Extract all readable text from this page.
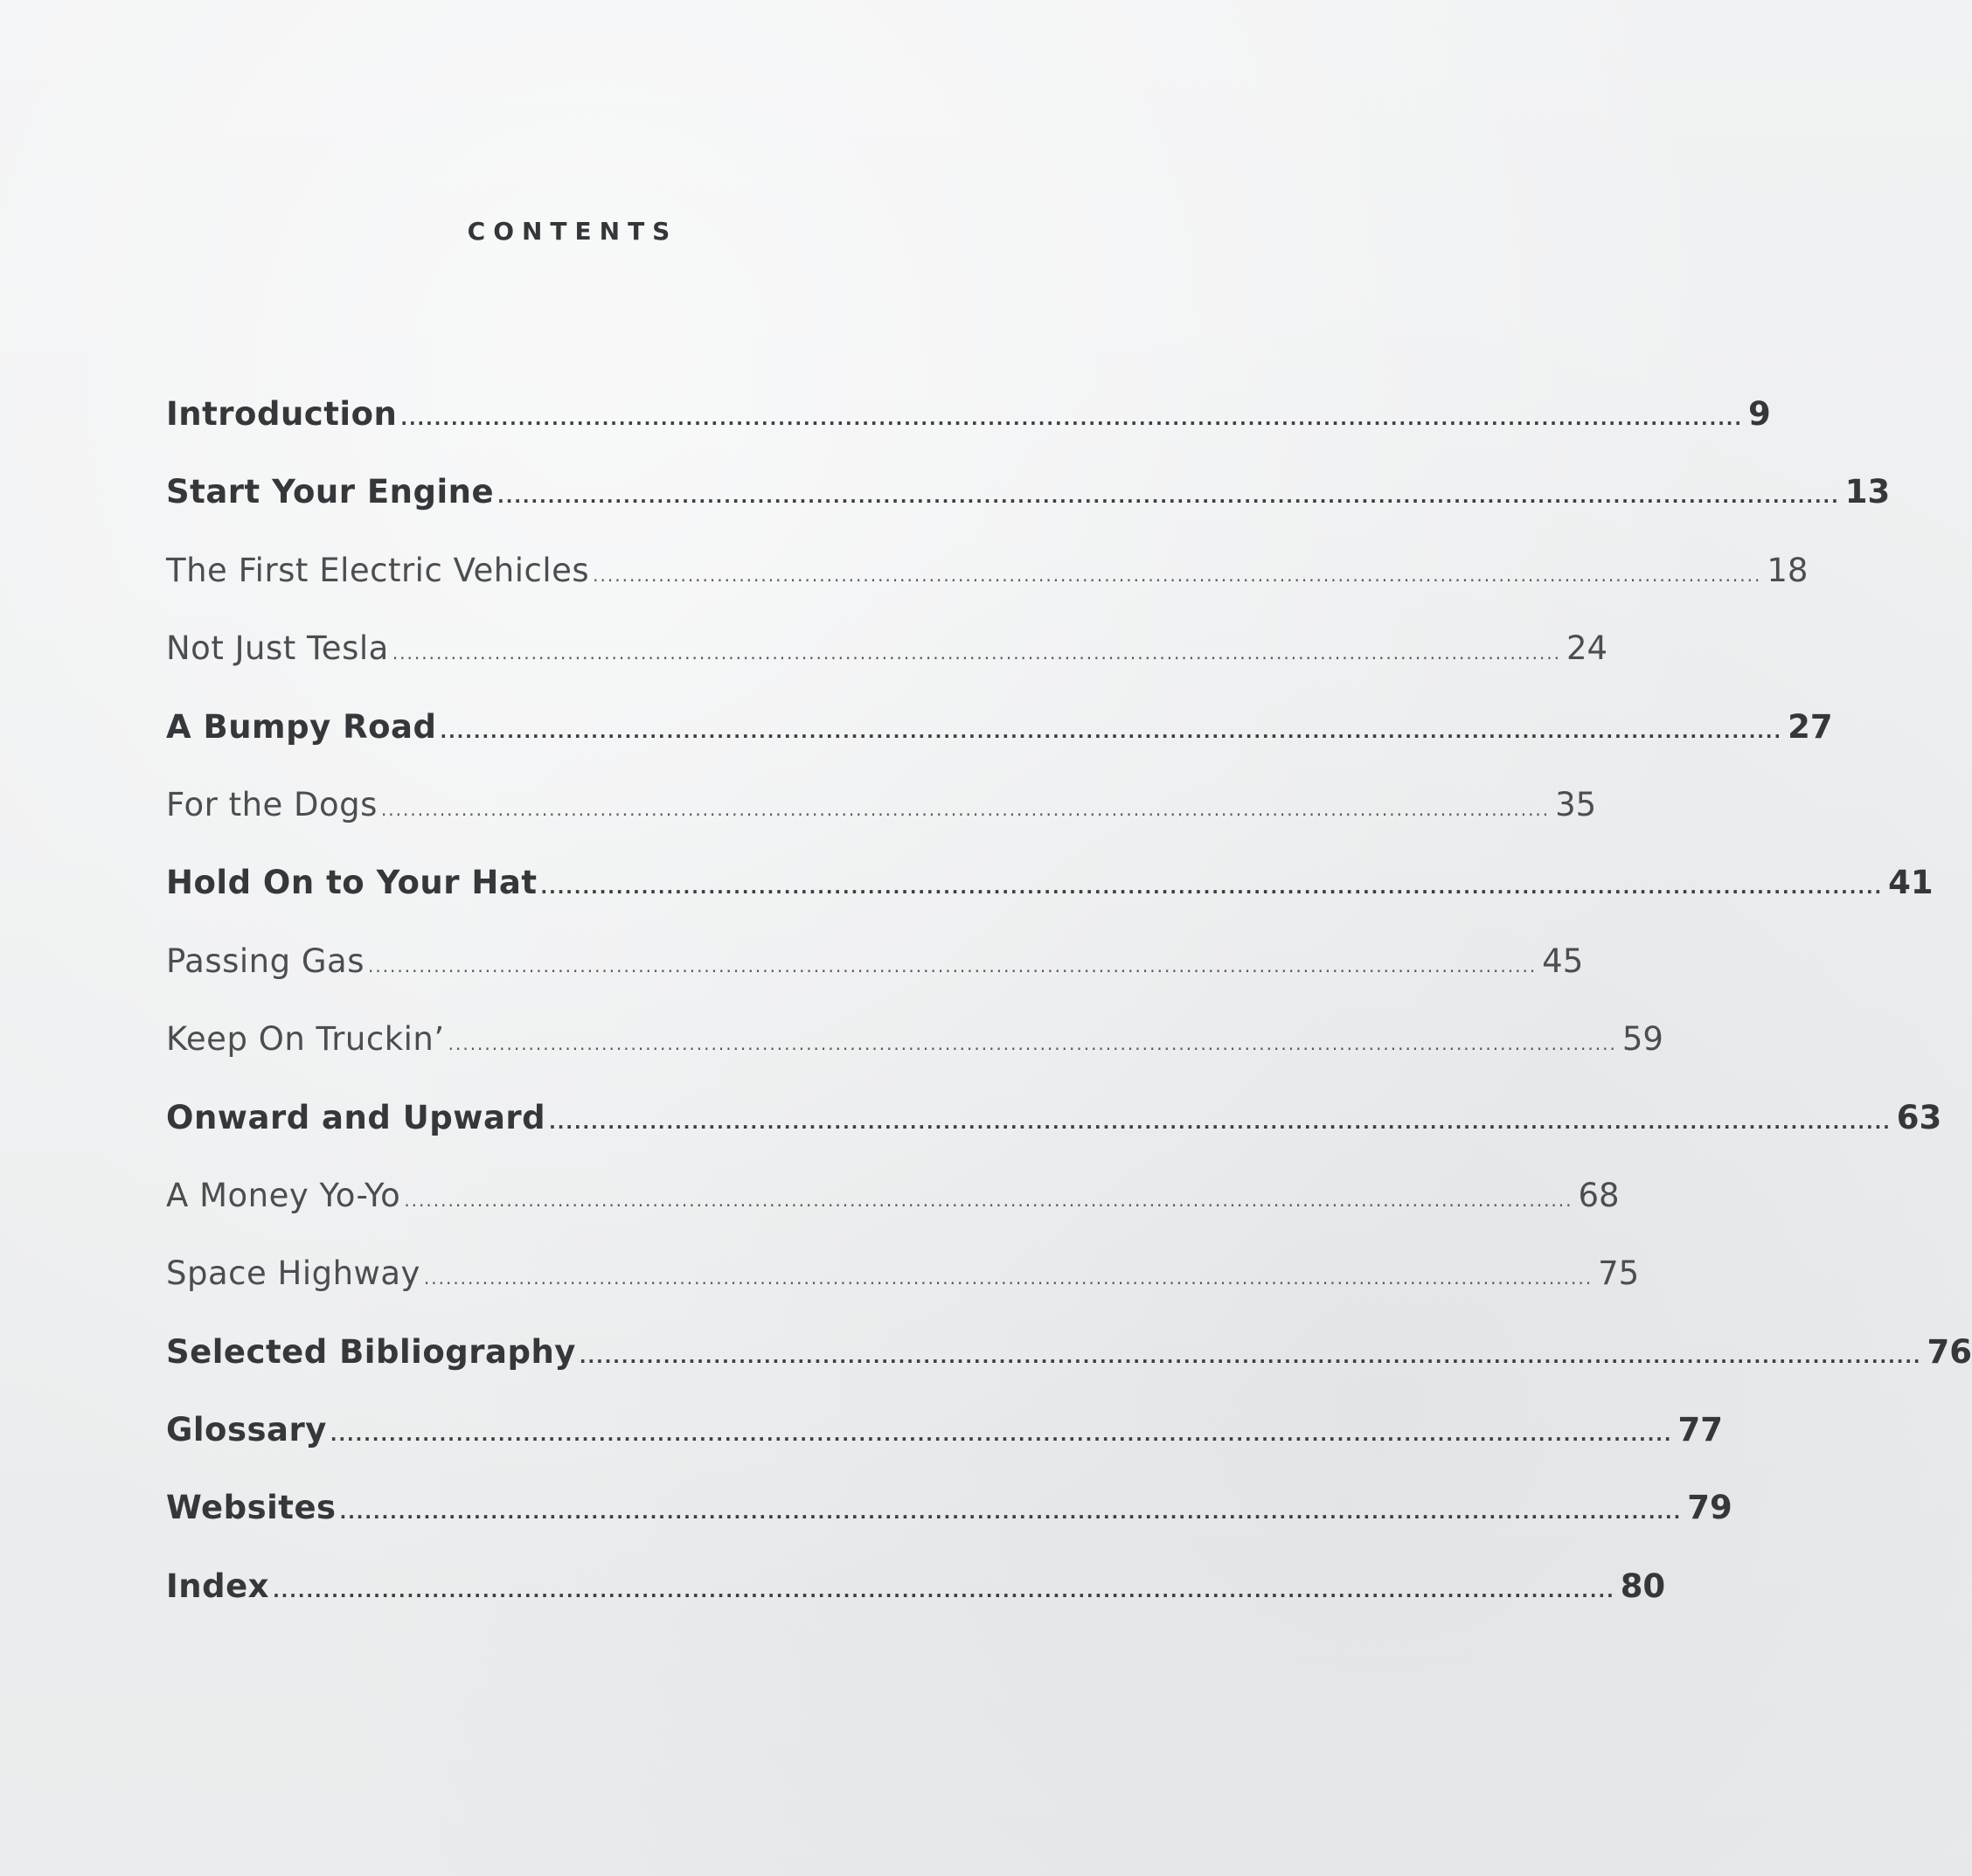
CONTENTS
Introduction ................................................................................................................................................................ 9
Start Your Engine ................................................................................................................................................................ 13
The First Electric Vehicles ................................................................................................................................................................ 18
Not Just Tesla ................................................................................................................................................................ 24
A Bumpy Road ................................................................................................................................................................ 27
For the Dogs ................................................................................................................................................................ 35
Hold On to Your Hat ................................................................................................................................................................ 41
Passing Gas ................................................................................................................................................................ 45
Keep On Truckin’ ................................................................................................................................................................ 59
Onward and Upward ................................................................................................................................................................ 63
A Money Yo-Yo ................................................................................................................................................................ 68
Space Highway ................................................................................................................................................................ 75
Selected Bibliography ................................................................................................................................................................ 76
Glossary ................................................................................................................................................................ 77
Websites ................................................................................................................................................................ 79
Index ................................................................................................................................................................ 80
